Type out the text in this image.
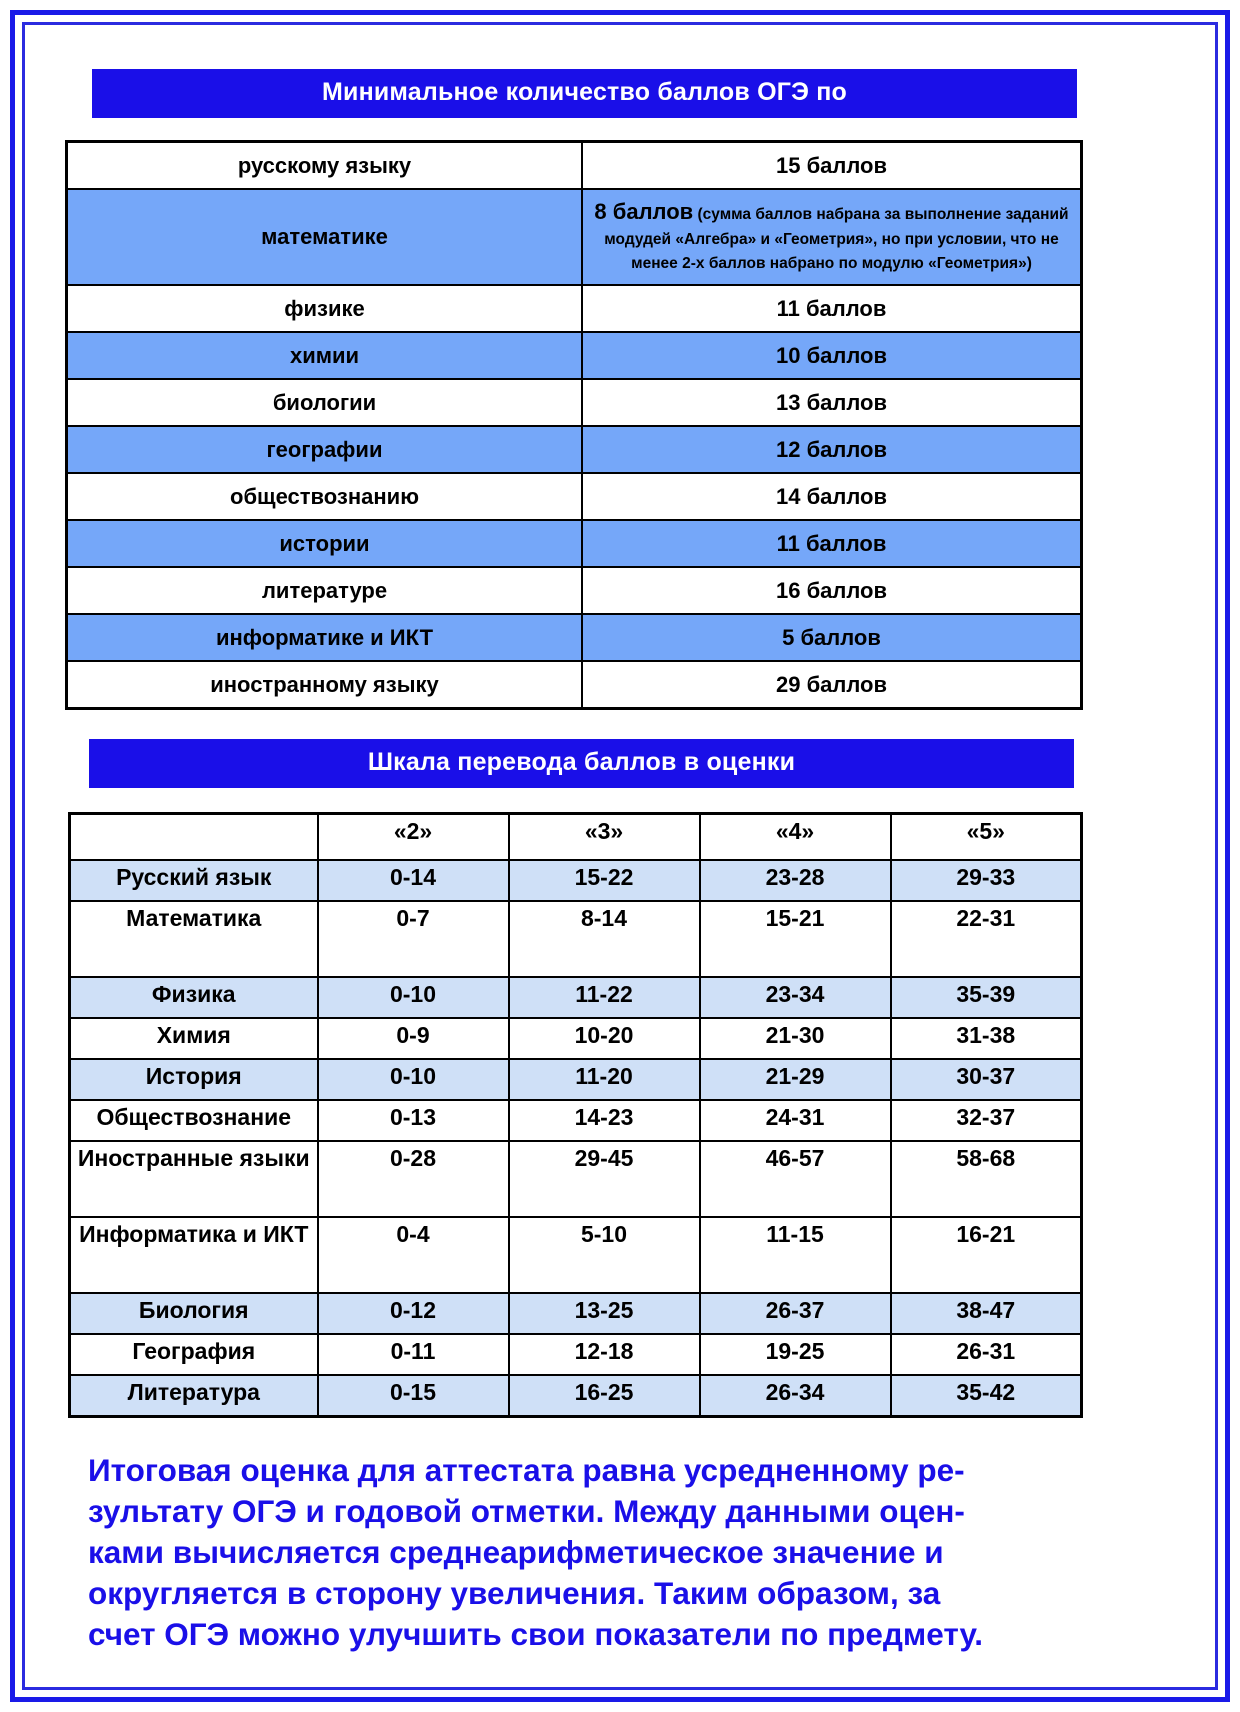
Минимальное количество баллов ОГЭ по
русскому языку	15 баллов
математике	8 баллов (сумма баллов набрана за выполнение заданий модудей «Алгебра» и «Геометрия», но при условии, что не менее 2-х баллов набрано по модулю «Геометрия»)
физике	11 баллов
химии	10 баллов
биологии	13 баллов
географии	12 баллов
обществознанию	14 баллов
истории	11 баллов
литературе	16 баллов
информатике и ИКТ	5 баллов
иностранному языку	29 баллов
Шкала перевода баллов в оценки
	«2»	«3»	«4»	«5»
Русский язык	0-14	15-22	23-28	29-33
Математика	0-7	8-14	15-21	22-31
Физика	0-10	11-22	23-34	35-39
Химия	0-9	10-20	21-30	31-38
История	0-10	11-20	21-29	30-37
Обществознание	0-13	14-23	24-31	32-37
Иностранные языки	0-28	29-45	46-57	58-68
Информатика и ИКТ	0-4	5-10	11-15	16-21
Биология	0-12	13-25	26-37	38-47
География	0-11	12-18	19-25	26-31
Литература	0-15	16-25	26-34	35-42
Итоговая оценка для аттестата равна усредненному ре-
зультату ОГЭ и годовой отметки. Между данными оцен-
ками вычисляется среднеарифметическое значение и
округляется в сторону увеличения. Таким образом, за
счет ОГЭ можно улучшить свои показатели по предмету.
